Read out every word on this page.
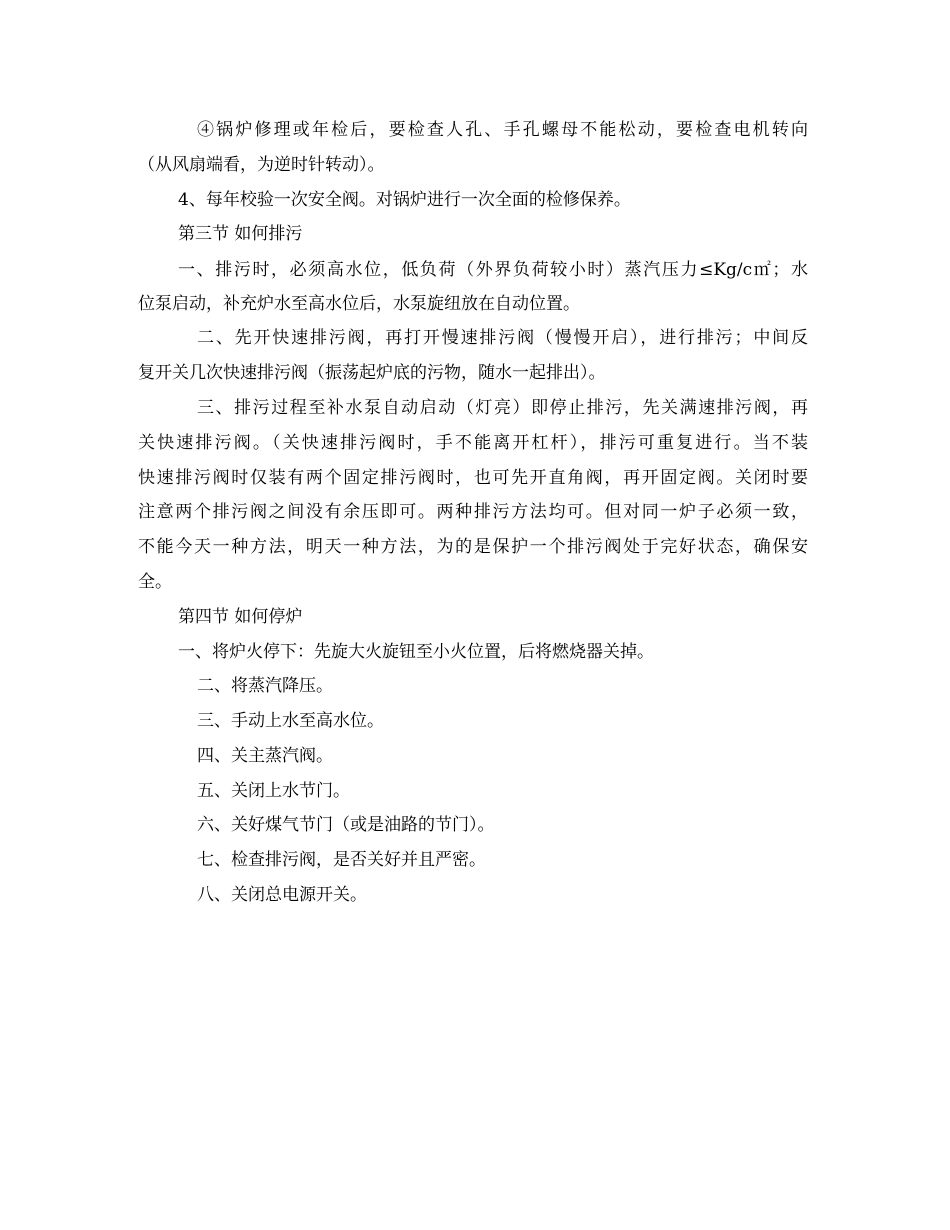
④锅炉修理或年检后，要检查人孔、手孔螺母不能松动，要检查电机转向

（从风扇端看，为逆时针转动）。

4、每年校验一次安全阀。对锅炉进行一次全面的检修保养。

第三节 如何排污

一、排污时，必须高水位，低负荷（外界负荷较小时）蒸汽压力≤Kg/c㎡；水

位泵启动，补充炉水至高水位后，水泵旋纽放在自动位置。

二、先开快速排污阀，再打开慢速排污阀（慢慢开启），进行排污；中间反

复开关几次快速排污阀（振荡起炉底的污物，随水一起排出）。

三、排污过程至补水泵自动启动（灯亮）即停止排污，先关满速排污阀，再

关快速排污阀。（关快速排污阀时，手不能离开杠杆），排污可重复进行。当不装

快速排污阀时仅装有两个固定排污阀时，也可先开直角阀，再开固定阀。关闭时要

注意两个排污阀之间没有余压即可。两种排污方法均可。但对同一炉子必须一致，

不能今天一种方法，明天一种方法，为的是保护一个排污阀处于完好状态，确保安

全。

第四节 如何停炉

一、将炉火停下：先旋大火旋钮至小火位置，后将燃烧器关掉。

二、将蒸汽降压。

三、手动上水至高水位。

四、关主蒸汽阀。

五、关闭上水节门。

六、关好煤气节门（或是油路的节门）。

七、检查排污阀，是否关好并且严密。

八、关闭总电源开关。
